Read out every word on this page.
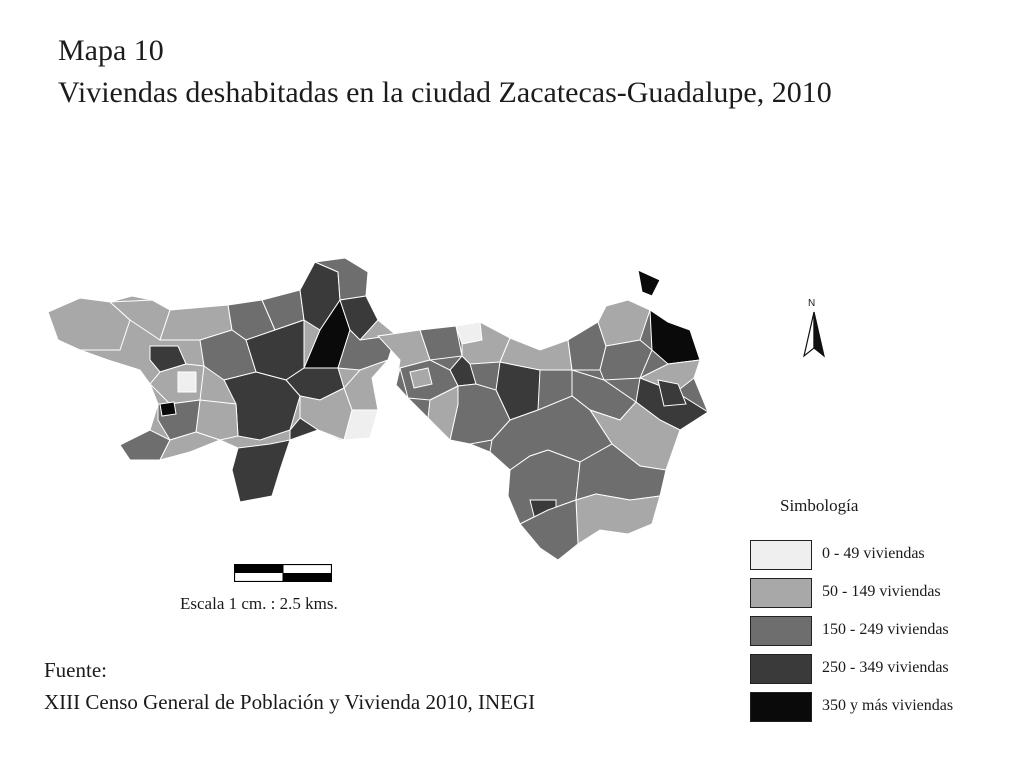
Mapa 10
Viviendas deshabitadas en la ciudad Zacatecas-Guadalupe, 2010
N
Escala 1 cm. : 2.5 kms.
Simbología
0 - 49 viviendas
50 - 149 viviendas
150 - 249 viviendas
250 - 349 viviendas
350 y más viviendas
Fuente:
XIII Censo General de Población y Vivienda 2010, INEGI
